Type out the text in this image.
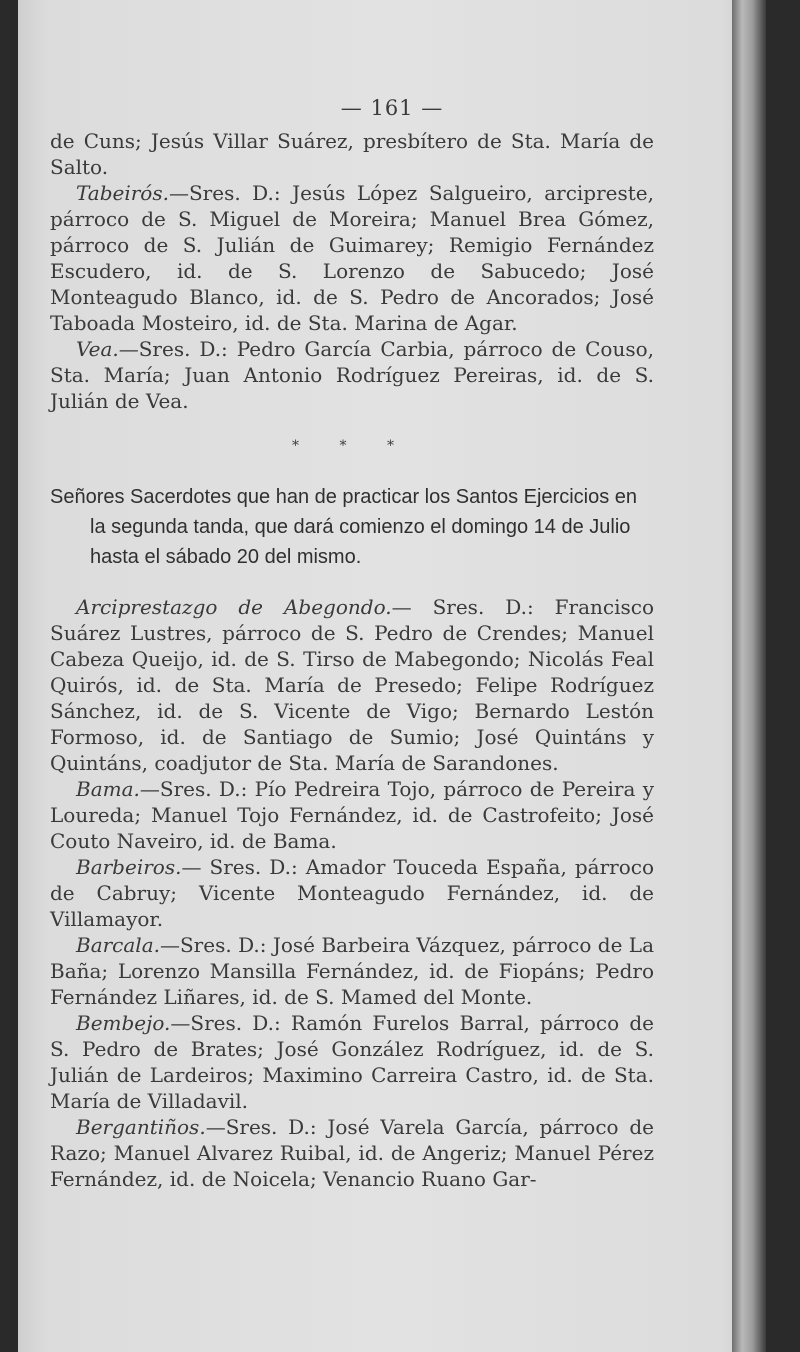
— 161 —

de Cuns; Jesús Villar Suárez, presbítero de Sta. María de Salto.

Tabeirós.—Sres. D.: Jesús López Salgueiro, arcipreste, párroco de S. Miguel de Moreira; Manuel Brea Gómez, párroco de S. Julián de Guimarey; Remigio Fernández Escudero, id. de S. Lorenzo de Sabucedo; José Monteagudo Blanco, id. de S. Pedro de Ancorados; José Taboada Mosteiro, id. de Sta. Marina de Agar.

Vea.—Sres. D.: Pedro García Carbia, párroco de Couso, Sta. María; Juan Antonio Rodríguez Pereiras, id. de S. Julián de Vea.

* * *

Señores Sacerdotes que han de practicar los Santos Ejercicios en la segunda tanda, que dará comienzo el domingo 14 de Julio hasta el sábado 20 del mismo.

Arciprestazgo de Abegondo.— Sres. D.: Francisco Suárez Lustres, párroco de S. Pedro de Crendes; Manuel Cabeza Queijo, id. de S. Tirso de Mabegondo; Nicolás Feal Quirós, id. de Sta. María de Presedo; Felipe Rodríguez Sánchez, id. de S. Vicente de Vigo; Bernardo Lestón Formoso, id. de Santiago de Sumio; José Quintáns y Quintáns, coadjutor de Sta. María de Sarandones.

Bama.—Sres. D.: Pío Pedreira Tojo, párroco de Pereira y Loureda; Manuel Tojo Fernández, id. de Castrofeito; José Couto Naveiro, id. de Bama.

Barbeiros.— Sres. D.: Amador Touceda España, párroco de Cabruy; Vicente Monteagudo Fernández, id. de Villamayor.

Barcala.—Sres. D.: José Barbeira Vázquez, párroco de La Baña; Lorenzo Mansilla Fernández, id. de Fiopáns; Pedro Fernández Liñares, id. de S. Mamed del Monte.

Bembejo.—Sres. D.: Ramón Furelos Barral, párroco de S. Pedro de Brates; José González Rodríguez, id. de S. Julián de Lardeiros; Maximino Carreira Castro, id. de Sta. María de Villadavil.

Bergantiños.—Sres. D.: José Varela García, párroco de Razo; Manuel Alvarez Ruibal, id. de Angeriz; Manuel Pérez Fernández, id. de Noicela; Venancio Ruano Gar-
